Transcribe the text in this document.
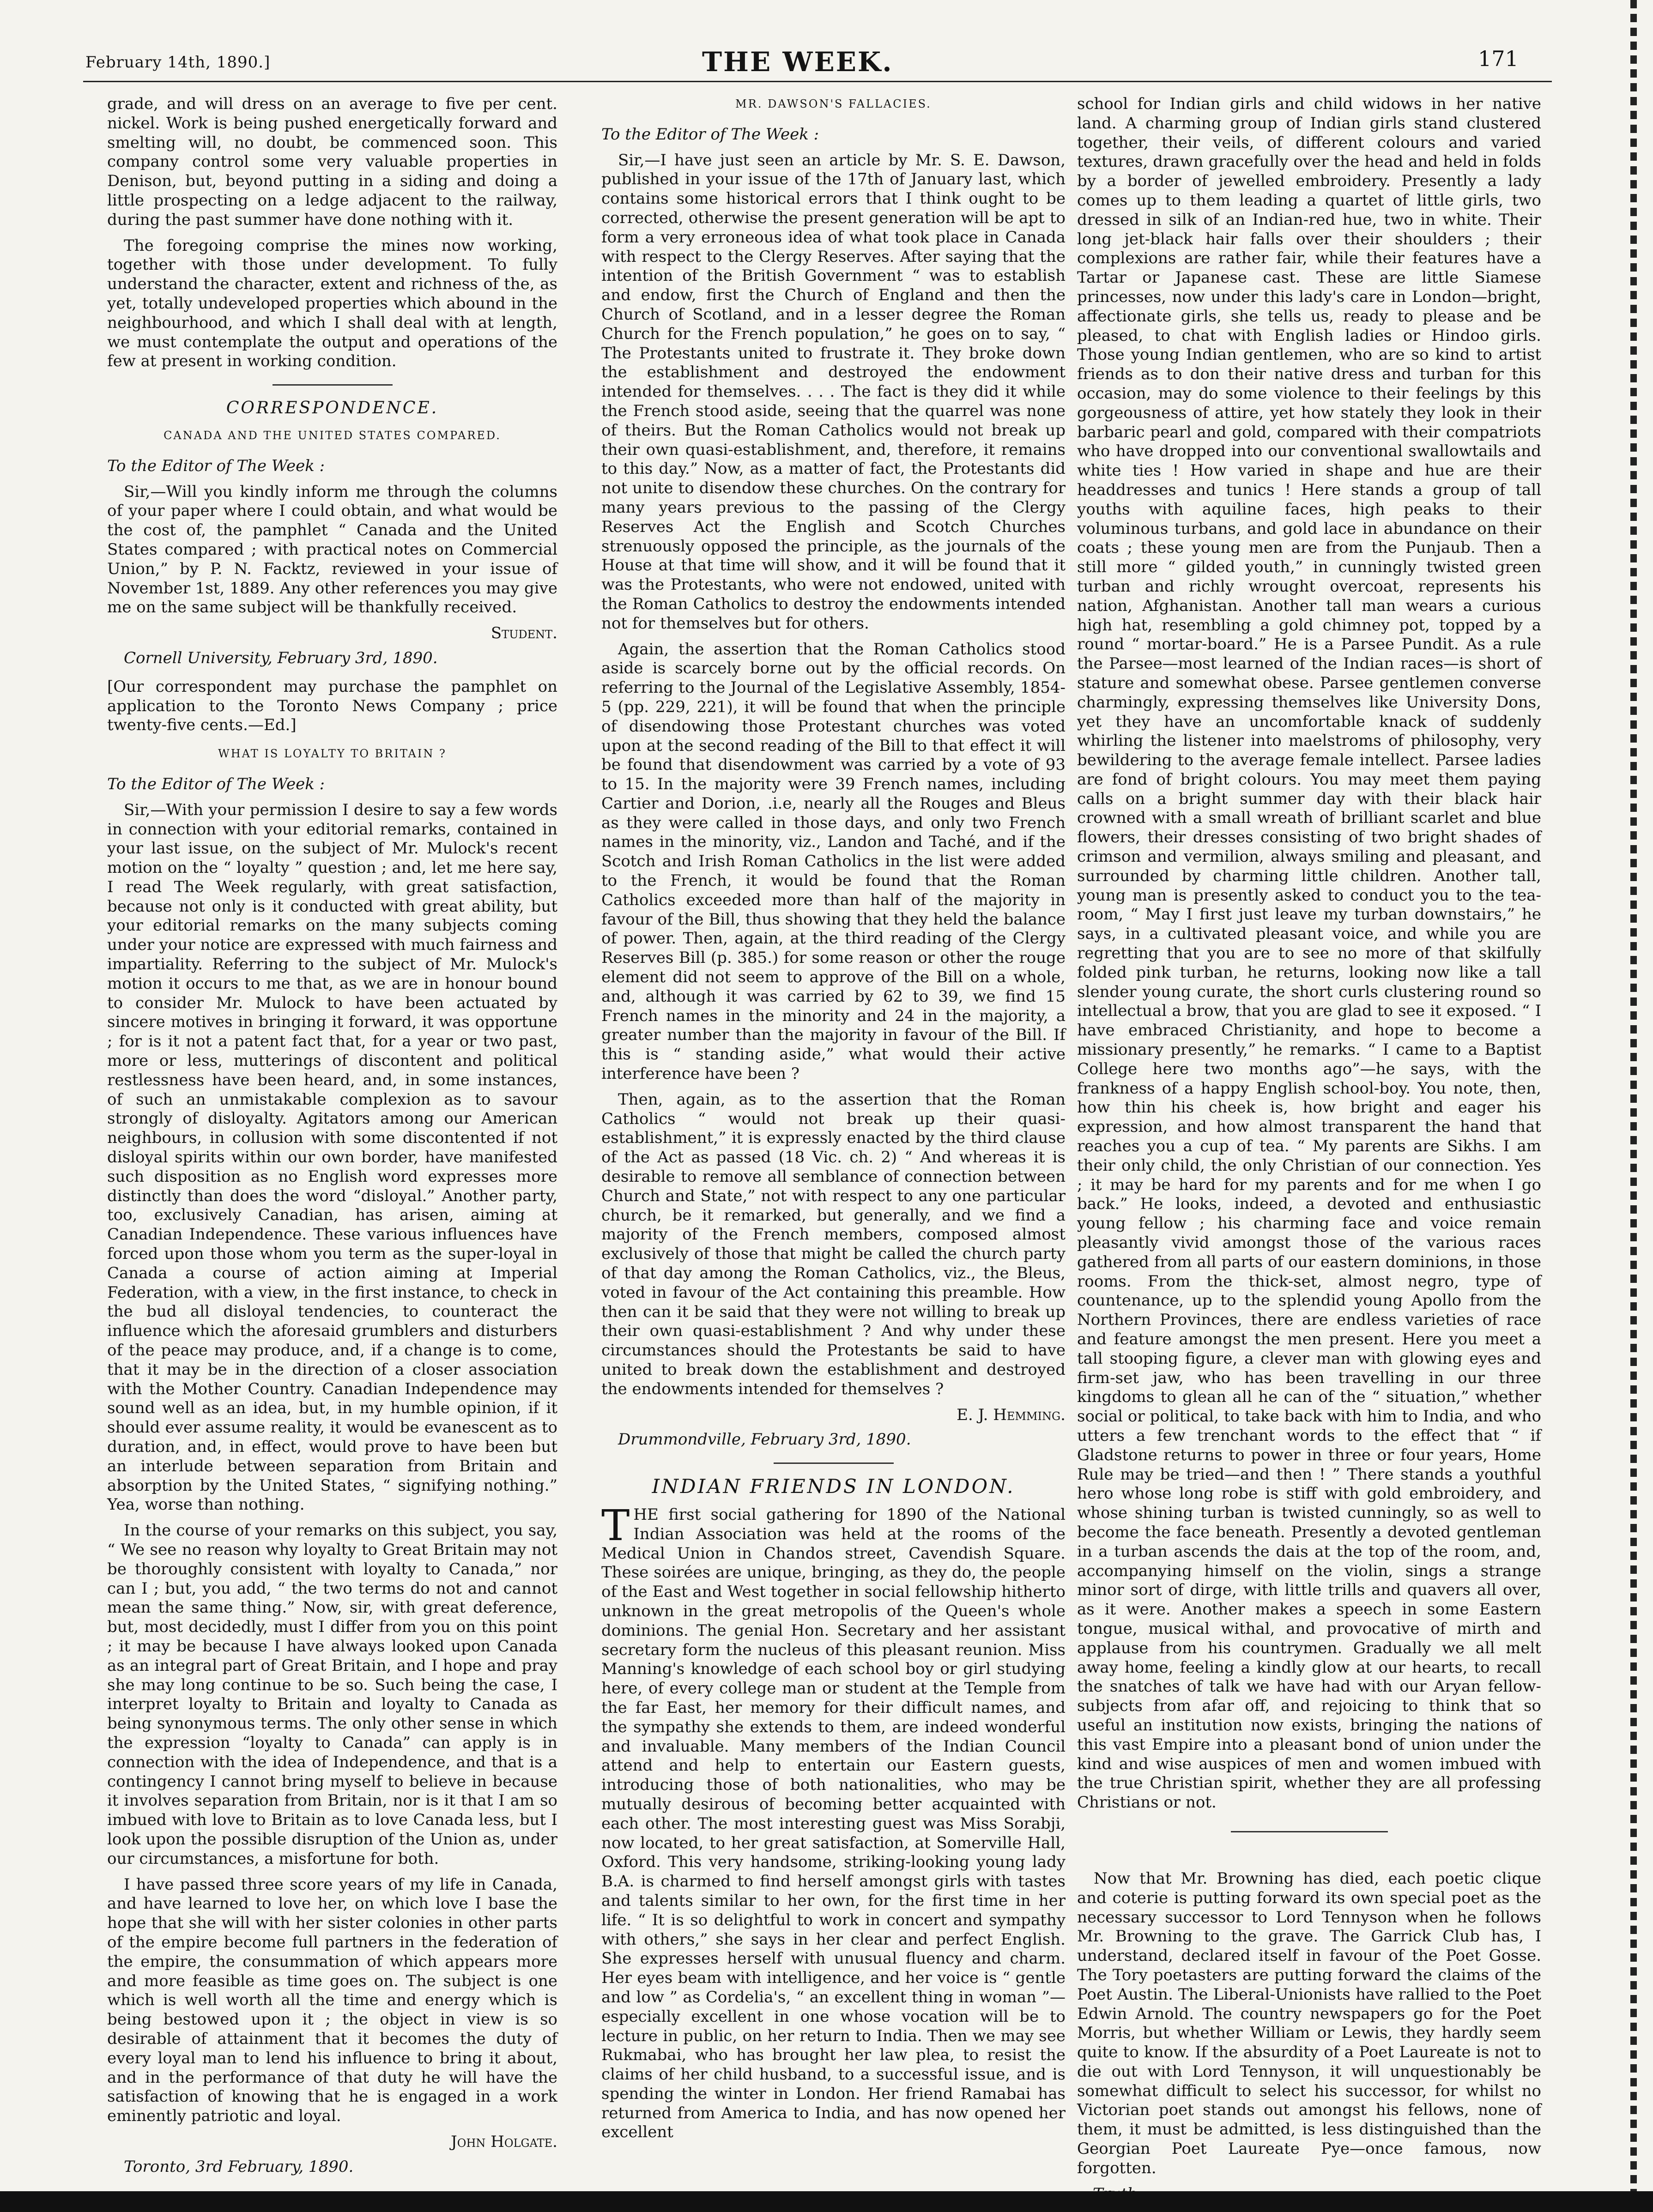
February 14th, 1890.]	THE WEEK.	171

grade, and will dress on an average to five per cent. nickel. Work is being pushed energetically forward and smelting will, no doubt, be commenced soon. This company control some very valuable properties in Denison, but, beyond putting in a siding and doing a little prospecting on a ledge adjacent to the railway, during the past summer have done nothing with it.

The foregoing comprise the mines now working, together with those under development. To fully understand the character, extent and richness of the, as yet, totally undeveloped properties which abound in the neighbourhood, and which I shall deal with at length, we must contemplate the output and operations of the few at present in working condition.

CORRESPONDENCE.
CANADA AND THE UNITED STATES COMPARED.

To the Editor of The Week :

Sir,—Will you kindly inform me through the columns of your paper where I could obtain, and what would be the cost of, the pamphlet “ Canada and the United States compared ; with practical notes on Commercial Union,” by P. N. Facktz, reviewed in your issue of November 1st, 1889. Any other references you may give me on the same subject will be thankfully received.

Student.

Cornell University, February 3rd, 1890.

[Our correspondent may purchase the pamphlet on application to the Toronto News Company ; price twenty-five cents.—Ed.]

WHAT IS LOYALTY TO BRITAIN ?

To the Editor of The Week :

Sir,—With your permission I desire to say a few words in connection with your editorial remarks, contained in your last issue, on the subject of Mr. Mulock's recent motion on the “ loyalty ” question ; and, let me here say, I read The Week regularly, with great satisfaction, because not only is it conducted with great ability, but your editorial remarks on the many subjects coming under your notice are expressed with much fairness and impartiality. Referring to the subject of Mr. Mulock's motion it occurs to me that, as we are in honour bound to consider Mr. Mulock to have been actuated by sincere motives in bringing it forward, it was opportune ; for is it not a patent fact that, for a year or two past, more or less, mutterings of discontent and political restlessness have been heard, and, in some instances, of such an unmistakable complexion as to savour strongly of disloyalty. Agitators among our American neighbours, in collusion with some discontented if not disloyal spirits within our own border, have manifested such disposition as no English word expresses more distinctly than does the word “disloyal.” Another party, too, exclusively Canadian, has arisen, aiming at Canadian Independence. These various influences have forced upon those whom you term as the super-loyal in Canada a course of action aiming at Imperial Federation, with a view, in the first instance, to check in the bud all disloyal tendencies, to counteract the influence which the aforesaid grumblers and disturbers of the peace may produce, and, if a change is to come, that it may be in the direction of a closer association with the Mother Country. Canadian Independence may sound well as an idea, but, in my humble opinion, if it should ever assume reality, it would be evanescent as to duration, and, in effect, would prove to have been but an interlude between separation from Britain and absorption by the United States, “ signifying nothing.” Yea, worse than nothing.

In the course of your remarks on this subject, you say, “ We see no reason why loyalty to Great Britain may not be thoroughly consistent with loyalty to Canada,” nor can I ; but, you add, “ the two terms do not and cannot mean the same thing.” Now, sir, with great deference, but, most decidedly, must I differ from you on this point ; it may be because I have always looked upon Canada as an integral part of Great Britain, and I hope and pray she may long continue to be so. Such being the case, I interpret loyalty to Britain and loyalty to Canada as being synonymous terms. The only other sense in which the expression “loyalty to Canada” can apply is in connection with the idea of Independence, and that is a contingency I cannot bring myself to believe in because it involves separation from Britain, nor is it that I am so imbued with love to Britain as to love Canada less, but I look upon the possible disruption of the Union as, under our circumstances, a misfortune for both.

I have passed three score years of my life in Canada, and have learned to love her, on which love I base the hope that she will with her sister colonies in other parts of the empire become full partners in the federation of the empire, the consummation of which appears more and more feasible as time goes on. The subject is one which is well worth all the time and energy which is being bestowed upon it ; the object in view is so desirable of attainment that it becomes the duty of every loyal man to lend his influence to bring it about, and in the performance of that duty he will have the satisfaction of knowing that he is engaged in a work eminently patriotic and loyal.

John Holgate.

Toronto, 3rd February, 1890.

MR. DAWSON'S FALLACIES.

To the Editor of The Week :

Sir,—I have just seen an article by Mr. S. E. Dawson, published in your issue of the 17th of January last, which contains some historical errors that I think ought to be corrected, otherwise the present generation will be apt to form a very erroneous idea of what took place in Canada with respect to the Clergy Reserves. After saying that the intention of the British Government “ was to establish and endow, first the Church of England and then the Church of Scotland, and in a lesser degree the Roman Church for the French population,” he goes on to say, “ The Protestants united to frustrate it. They broke down the establishment and destroyed the endowment intended for themselves. . . . The fact is they did it while the French stood aside, seeing that the quarrel was none of theirs. But the Roman Catholics would not break up their own quasi-establishment, and, therefore, it remains to this day.” Now, as a matter of fact, the Protestants did not unite to disendow these churches. On the contrary for many years previous to the passing of the Clergy Reserves Act the English and Scotch Churches strenuously opposed the principle, as the journals of the House at that time will show, and it will be found that it was the Protestants, who were not endowed, united with the Roman Catholics to destroy the endowments intended not for themselves but for others.

Again, the assertion that the Roman Catholics stood aside is scarcely borne out by the official records. On referring to the Journal of the Legislative Assembly, 1854-5 (pp. 229, 221), it will be found that when the principle of disendowing those Protestant churches was voted upon at the second reading of the Bill to that effect it will be found that disendowment was carried by a vote of 93 to 15. In the majority were 39 French names, including Cartier and Dorion, .i.e, nearly all the Rouges and Bleus as they were called in those days, and only two French names in the minority, viz., Landon and Taché, and if the Scotch and Irish Roman Catholics in the list were added to the French, it would be found that the Roman Catholics exceeded more than half of the majority in favour of the Bill, thus showing that they held the balance of power. Then, again, at the third reading of the Clergy Reserves Bill (p. 385.) for some reason or other the rouge element did not seem to approve of the Bill on a whole, and, although it was carried by 62 to 39, we find 15 French names in the minority and 24 in the majority, a greater number than the majority in favour of the Bill. If this is “ standing aside,” what would their active interference have been ?

Then, again, as to the assertion that the Roman Catholics “ would not break up their quasi-establishment,” it is expressly enacted by the third clause of the Act as passed (18 Vic. ch. 2) “ And whereas it is desirable to remove all semblance of connection between Church and State,” not with respect to any one particular church, be it remarked, but generally, and we find a majority of the French members, composed almost exclusively of those that might be called the church party of that day among the Roman Catholics, viz., the Bleus, voted in favour of the Act containing this preamble. How then can it be said that they were not willing to break up their own quasi-establishment ? And why under these circumstances should the Protestants be said to have united to break down the establishment and destroyed the endowments intended for themselves ?

E. J. Hemming.

Drummondville, February 3rd, 1890.

INDIAN FRIENDS IN LONDON.

THE first social gathering for 1890 of the National Indian Association was held at the rooms of the Medical Union in Chandos street, Cavendish Square. These soirées are unique, bringing, as they do, the people of the East and West together in social fellowship hitherto unknown in the great metropolis of the Queen's whole dominions. The genial Hon. Secretary and her assistant secretary form the nucleus of this pleasant reunion. Miss Manning's knowledge of each school boy or girl studying here, of every college man or student at the Temple from the far East, her memory for their difficult names, and the sympathy she extends to them, are indeed wonderful and invaluable. Many members of the Indian Council attend and help to entertain our Eastern guests, introducing those of both nationalities, who may be mutually desirous of becoming better acquainted with each other. The most interesting guest was Miss Sorabji, now located, to her great satisfaction, at Somerville Hall, Oxford. This very handsome, striking-looking young lady B.A. is charmed to find herself amongst girls with tastes and talents similar to her own, for the first time in her life. “ It is so delightful to work in concert and sympathy with others,” she says in her clear and perfect English. She expresses herself with unusual fluency and charm. Her eyes beam with intelligence, and her voice is “ gentle and low ” as Cordelia's, “ an excellent thing in woman ”—especially excellent in one whose vocation will be to lecture in public, on her return to India. Then we may see Rukmabai, who has brought her law plea, to resist the claims of her child husband, to a successful issue, and is spending the winter in London. Her friend Ramabai has returned from America to India, and has now opened her excellent

school for Indian girls and child widows in her native land. A charming group of Indian girls stand clustered together, their veils, of different colours and varied textures, drawn gracefully over the head and held in folds by a border of jewelled embroidery. Presently a lady comes up to them leading a quartet of little girls, two dressed in silk of an Indian-red hue, two in white. Their long jet-black hair falls over their shoulders ; their complexions are rather fair, while their features have a Tartar or Japanese cast. These are little Siamese princesses, now under this lady's care in London—bright, affectionate girls, she tells us, ready to please and be pleased, to chat with English ladies or Hindoo girls. Those young Indian gentlemen, who are so kind to artist friends as to don their native dress and turban for this occasion, may do some violence to their feelings by this gorgeousness of attire, yet how stately they look in their barbaric pearl and gold, compared with their compatriots who have dropped into our conventional swallowtails and white ties ! How varied in shape and hue are their headdresses and tunics ! Here stands a group of tall youths with aquiline faces, high peaks to their voluminous turbans, and gold lace in abundance on their coats ; these young men are from the Punjaub. Then a still more “ gilded youth,” in cunningly twisted green turban and richly wrought overcoat, represents his nation, Afghanistan. Another tall man wears a curious high hat, resembling a gold chimney pot, topped by a round “ mortar-board.” He is a Parsee Pundit. As a rule the Parsee—most learned of the Indian races—is short of stature and somewhat obese. Parsee gentlemen converse charmingly, expressing themselves like University Dons, yet they have an uncomfortable knack of suddenly whirling the listener into maelstroms of philosophy, very bewildering to the average female intellect. Parsee ladies are fond of bright colours. You may meet them paying calls on a bright summer day with their black hair crowned with a small wreath of brilliant scarlet and blue flowers, their dresses consisting of two bright shades of crimson and vermilion, always smiling and pleasant, and surrounded by charming little children. Another tall, young man is presently asked to conduct you to the tea-room, “ May I first just leave my turban downstairs,” he says, in a cultivated pleasant voice, and while you are regretting that you are to see no more of that skilfully folded pink turban, he returns, looking now like a tall slender young curate, the short curls clustering round so intellectual a brow, that you are glad to see it exposed. “ I have embraced Christianity, and hope to become a missionary presently,” he remarks. “ I came to a Baptist College here two months ago”—he says, with the frankness of a happy English school-boy. You note, then, how thin his cheek is, how bright and eager his expression, and how almost transparent the hand that reaches you a cup of tea. “ My parents are Sikhs. I am their only child, the only Christian of our connection. Yes ; it may be hard for my parents and for me when I go back.” He looks, indeed, a devoted and enthusiastic young fellow ; his charming face and voice remain pleasantly vivid amongst those of the various races gathered from all parts of our eastern dominions, in those rooms. From the thick-set, almost negro, type of countenance, up to the splendid young Apollo from the Northern Provinces, there are endless varieties of race and feature amongst the men present. Here you meet a tall stooping figure, a clever man with glowing eyes and firm-set jaw, who has been travelling in our three kingdoms to glean all he can of the “ situation,” whether social or political, to take back with him to India, and who utters a few trenchant words to the effect that “ if Gladstone returns to power in three or four years, Home Rule may be tried—and then ! ” There stands a youthful hero whose long robe is stiff with gold embroidery, and whose shining turban is twisted cunningly, so as well to become the face beneath. Presently a devoted gentleman in a turban ascends the dais at the top of the room, and, accompanying himself on the violin, sings a strange minor sort of dirge, with little trills and quavers all over, as it were. Another makes a speech in some Eastern tongue, musical withal, and provocative of mirth and applause from his countrymen. Gradually we all melt away home, feeling a kindly glow at our hearts, to recall the snatches of talk we have had with our Aryan fellow-subjects from afar off, and rejoicing to think that so useful an institution now exists, bringing the nations of this vast Empire into a pleasant bond of union under the kind and wise auspices of men and women imbued with the true Christian spirit, whether they are all professing Christians or not.

Now that Mr. Browning has died, each poetic clique and coterie is putting forward its own special poet as the necessary successor to Lord Tennyson when he follows Mr. Browning to the grave. The Garrick Club has, I understand, declared itself in favour of the Poet Gosse. The Tory poetasters are putting forward the claims of the Poet Austin. The Liberal-Unionists have rallied to the Poet Edwin Arnold. The country newspapers go for the Poet Morris, but whether William or Lewis, they hardly seem quite to know. If the absurdity of a Poet Laureate is not to die out with Lord Tennyson, it will unquestionably be somewhat difficult to select his successor, for whilst no Victorian poet stands out amongst his fellows, none of them, it must be admitted, is less distinguished than the Georgian Poet Laureate Pye—once famous, now forgotten.
